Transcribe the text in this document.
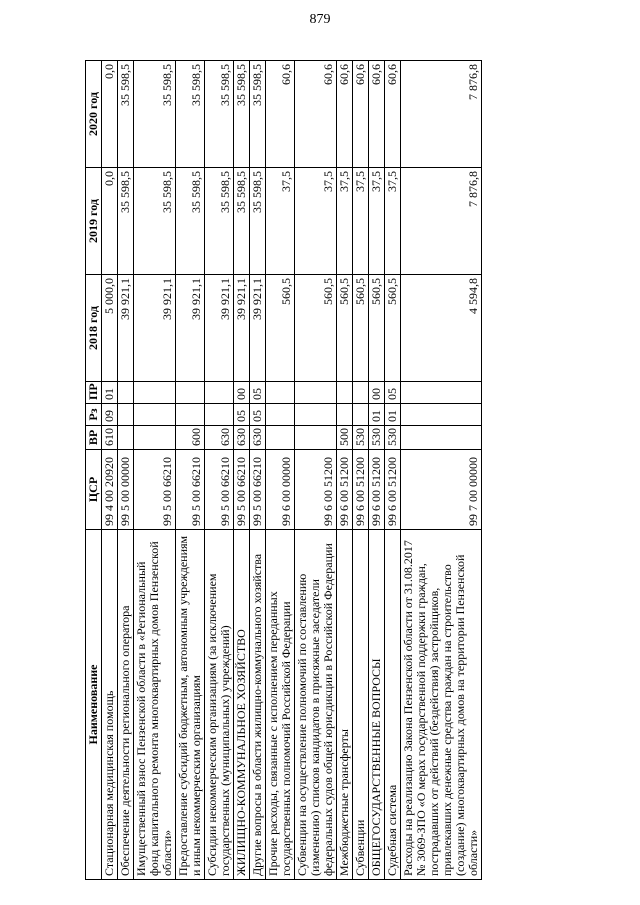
879
Наименование	ЦСР	ВР	Рз	ПР	2018 год	2019 год	2020 год
Стационарная медицинская помощь	99 4 00 20920	610	09	01	5 000,0	0,0	0,0
Обеспечение деятельности регионального оператора	99 5 00 00000				39 921,1	35 598,5	35 598,5
Имущественный взнос Пензенской области в «Региональный фонд капитального ремонта многоквартирных домов Пензенской области»	99 5 00 66210				39 921,1	35 598,5	35 598,5
Предоставление субсидий бюджетным, автономным учреждениям и иным некоммерческим организациям	99 5 00 66210	600			39 921,1	35 598,5	35 598,5
Субсидии некоммерческим организациям (за исключением государственных (муниципальных) учреждений)	99 5 00 66210	630			39 921,1	35 598,5	35 598,5
ЖИЛИЩНО-КОММУНАЛЬНОЕ ХОЗЯЙСТВО	99 5 00 66210	630	05	00	39 921,1	35 598,5	35 598,5
Другие вопросы в области жилищно-коммунального хозяйства	99 5 00 66210	630	05	05	39 921,1	35 598,5	35 598,5
Прочие расходы, связанные с исполнением переданных государственных полномочий Российской Федерации	99 6 00 00000				560,5	37,5	60,6
Субвенции на осуществление полномочий по составлению (изменению) списков кандидатов в присяжные заседатели федеральных судов общей юрисдикции в Российской Федерации	99 6 00 51200				560,5	37,5	60,6
Межбюджетные трансферты	99 6 00 51200	500			560,5	37,5	60,6
Субвенции	99 6 00 51200	530			560,5	37,5	60,6
ОБЩЕГОСУДАРСТВЕННЫЕ ВОПРОСЫ	99 6 00 51200	530	01	00	560,5	37,5	60,6
Судебная система	99 6 00 51200	530	01	05	560,5	37,5	60,6
Расходы на реализацию Закона Пензенской области от 31.08.2017 № 3069-ЗПО «О мерах государственной поддержки граждан, пострадавших от действий (бездействия) застройщиков, привлекавших денежные средства граждан на строительство (создание) многоквартирных домов на территории Пензенской области»	99 7 00 00000				4 594,8	7 876,8	7 876,8
